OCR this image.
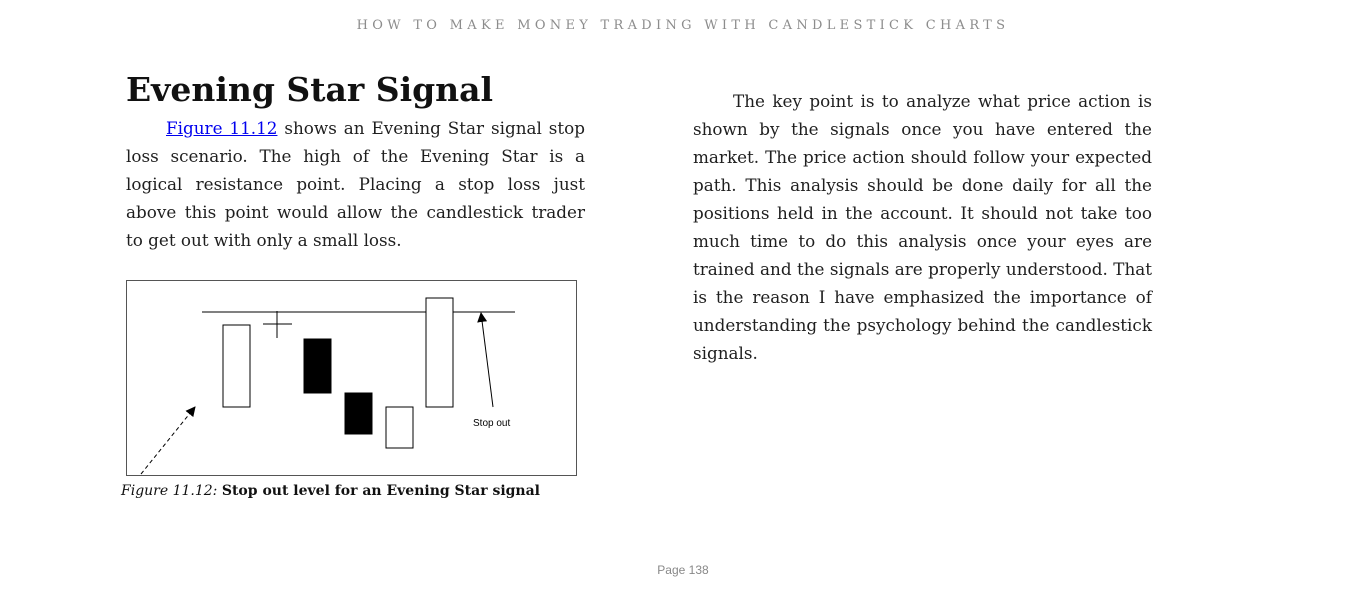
HOW TO MAKE MONEY TRADING WITH CANDLESTICK CHARTS
Evening Star Signal

Figure 11.12 shows an Evening Star signal stop loss scenario. The high of the Evening Star is a logical resistance point. Placing a stop loss just above this point would allow the candlestick trader to get out with only a small loss.

Stop out
Figure 11.12: Stop out level for an Evening Star signal

The key point is to analyze what price action is shown by the signals once you have entered the market. The price action should follow your expected path. This analysis should be done daily for all the positions held in the account. It should not take too much time to do this analysis once your eyes are trained and the signals are properly understood. That is the reason I have emphasized the importance of understanding the psychology behind the candlestick signals.

Page 138
